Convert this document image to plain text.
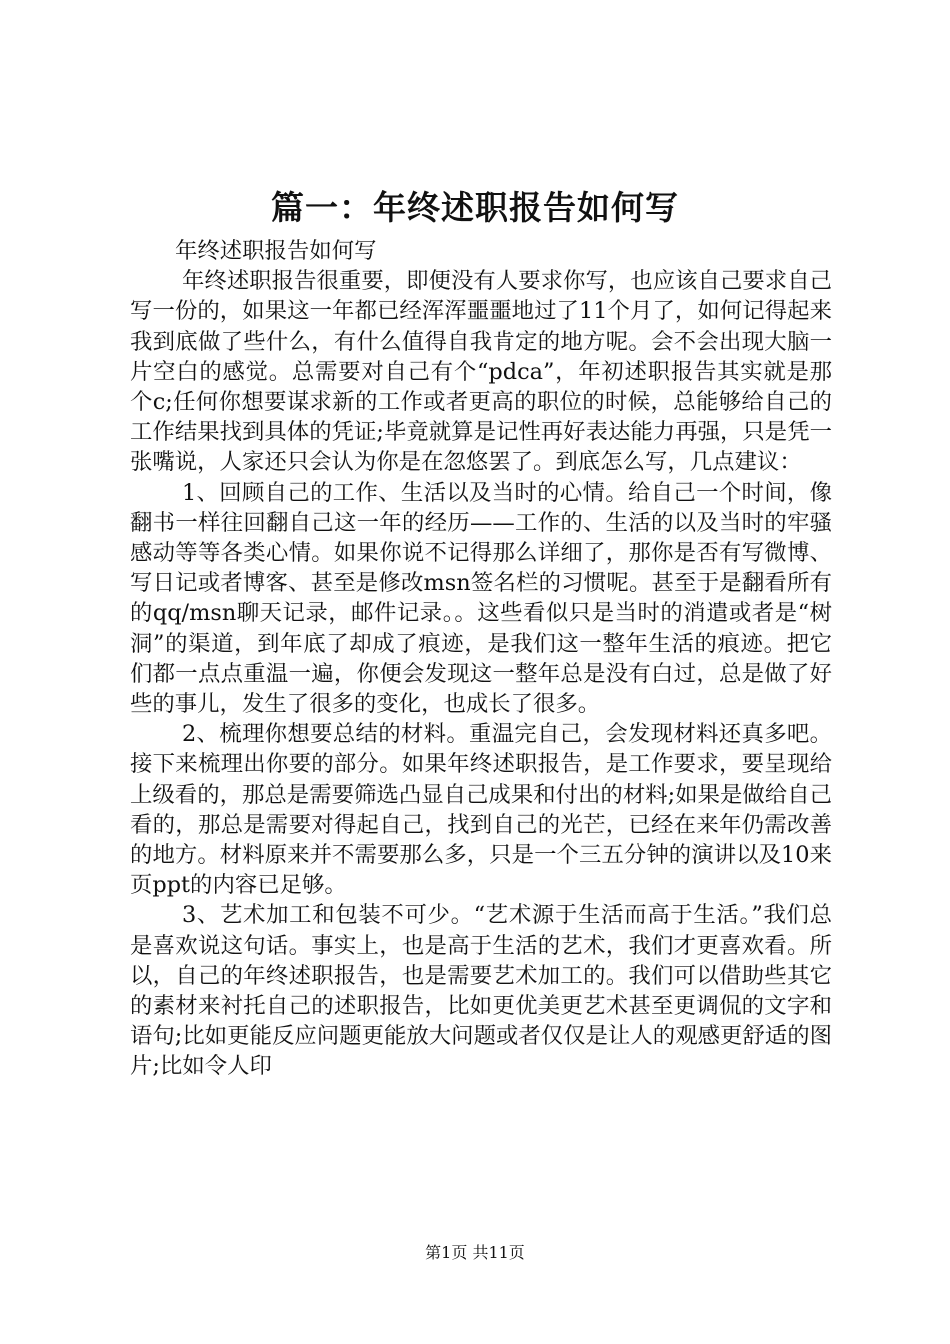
篇一：年终述职报告如何写

年终述职报告如何写

年终述职报告很重要，即便没有人要求你写，也应该自己要求自己写一份的，如果这一年都已经浑浑噩噩地过了11个月了，如何记得起来我到底做了些什么，有什么值得自我肯定的地方呢。会不会出现大脑一片空白的感觉。总需要对自己有个“pdca”，年初述职报告其实就是那个c;任何你想要谋求新的工作或者更高的职位的时候，总能够给自己的工作结果找到具体的凭证;毕竟就算是记性再好表达能力再强，只是凭一张嘴说，人家还只会认为你是在忽悠罢了。到底怎么写，几点建议：

1、回顾自己的工作、生活以及当时的心情。给自己一个时间，像翻书一样往回翻自己这一年的经历——工作的、生活的以及当时的牢骚感动等等各类心情。如果你说不记得那么详细了，那你是否有写微博、写日记或者博客、甚至是修改msn签名栏的习惯呢。甚至于是翻看所有的qq/msn聊天记录，邮件记录。。这些看似只是当时的消遣或者是“树洞”的渠道，到年底了却成了痕迹，是我们这一整年生活的痕迹。把它们都一点点重温一遍，你便会发现这一整年总是没有白过，总是做了好些的事儿，发生了很多的变化，也成长了很多。

2、梳理你想要总结的材料。重温完自己，会发现材料还真多吧。接下来梳理出你要的部分。如果年终述职报告，是工作要求，要呈现给上级看的，那总是需要筛选凸显自己成果和付出的材料;如果是做给自己看的，那总是需要对得起自己，找到自己的光芒，已经在来年仍需改善的地方。材料原来并不需要那么多，只是一个三五分钟的演讲以及10来页ppt的内容已足够。

3、艺术加工和包装不可少。“艺术源于生活而高于生活。”我们总是喜欢说这句话。事实上，也是高于生活的艺术，我们才更喜欢看。所以，自己的年终述职报告，也是需要艺术加工的。我们可以借助些其它的素材来衬托自己的述职报告，比如更优美更艺术甚至更调侃的文字和语句;比如更能反应问题更能放大问题或者仅仅是让人的观感更舒适的图片;比如令人印

第1页 共11页
